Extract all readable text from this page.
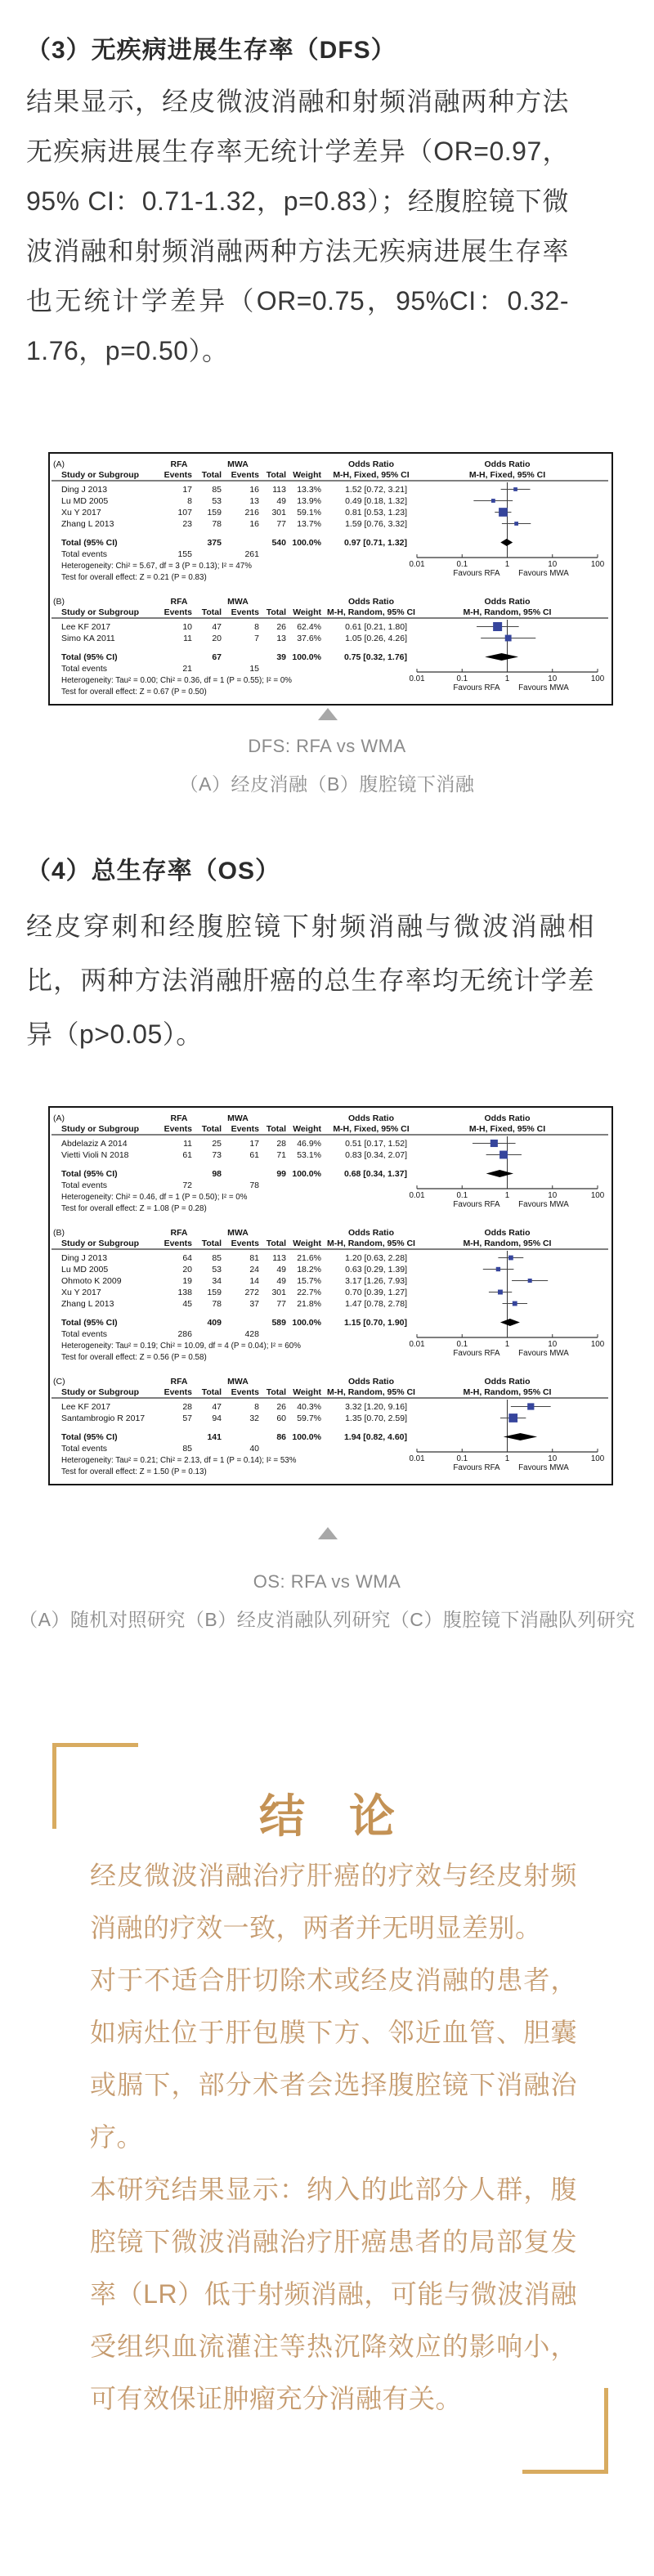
（3）无疾病进展生存率（DFS）

结果显示，经皮微波消融和射频消融两种方法无疾病进展生存率无统计学差异（OR=0.97，95% CI：0.71-1.32，p=0.83）；经腹腔镜下微波消融和射频消融两种方法无疾病进展生存率也无统计学差异（OR=0.75，95%CI：0.32-1.76，p=0.50）。

(A)	RFA	MWA	Odds Ratio	Odds Ratio
Study or Subgroup	Events Total Events Total Weight M-H, Fixed, 95% CI	M-H, Fixed, 95% CI
Ding J 2013	17 85	16 113 13.3%	1.52 [0.72, 3.21]
Lu MD 2005	8 53	13 49 13.9%	0.49 [0.18, 1.32]
Xu Y 2017	107 159	216 301 59.1%	0.81 [0.53, 1.23]
Zhang L 2013	23 78	16 77 13.7%	1.59 [0.76, 3.32]
Total (95% CI)	375	540 100.0%	0.97 [0.71, 1.32]
Total events	155	261
Heterogeneity: Chi² = 5.67, df = 3 (P = 0.13); I² = 47%
Test for overall effect: Z = 0.21 (P = 0.83)
0.01	0.1	1	10	100
Favours RFA Favours MWA
(B)	RFA	MWA	Odds Ratio	Odds Ratio
Study or Subgroup	Events Total Events Total Weight M-H, Random, 95% CI	M-H, Random, 95% CI
Lee KF 2017	10 47	8 26 62.4%	0.61 [0.21, 1.80]
Simo KA 2011	11 20	7 13 37.6%	1.05 [0.26, 4.26]
Total (95% CI)	67	39 100.0%	0.75 [0.32, 1.76]
Total events	21	15
Heterogeneity: Tau² = 0.00; Chi² = 0.36, df = 1 (P = 0.55); I² = 0%
Test for overall effect: Z = 0.67 (P = 0.50)
0.01	0.1	1	10	100
Favours RFA Favours MWA
DFS: RFA vs WMA
（A）经皮消融（B）腹腔镜下消融
（4）总生存率（OS）

经皮穿刺和经腹腔镜下射频消融与微波消融相比，两种方法消融肝癌的总生存率均无统计学差异（p>0.05）。

(A)	RFA	MWA	Odds Ratio	Odds Ratio
Study or Subgroup	Events Total Events Total Weight M-H, Fixed, 95% CI	M-H, Fixed, 95% CI
Abdelaziz A 2014	11 25	17 28 46.9%	0.51 [0.17, 1.52]
Vietti Violi N 2018	61 73	61 71 53.1%	0.83 [0.34, 2.07]
Total (95% CI)	98	99 100.0%	0.68 [0.34, 1.37]
Total events	72	78
Heterogeneity: Chi² = 0.46, df = 1 (P = 0.50); I² = 0%
Test for overall effect: Z = 1.08 (P = 0.28)
0.01	0.1	1	10	100
Favours RFA Favours MWA
(B)	RFA	MWA	Odds Ratio	Odds Ratio
Study or Subgroup	Events Total Events Total Weight M-H, Random, 95% CI	M-H, Random, 95% CI
Ding J 2013	64 85	81 113 21.6%	1.20 [0.63, 2.28]
Lu MD 2005	20 53	24 49 18.2%	0.63 [0.29, 1.39]
Ohmoto K 2009	19 34	14 49 15.7%	3.17 [1.26, 7.93]
Xu Y 2017	138 159	272 301 22.7%	0.70 [0.39, 1.27]
Zhang L 2013	45 78	37 77 21.8%	1.47 [0.78, 2.78]
Total (95% CI)	409	589 100.0%	1.15 [0.70, 1.90]
Total events	286	428
Heterogeneity: Tau² = 0.19; Chi² = 10.09, df = 4 (P = 0.04); I² = 60%
Test for overall effect: Z = 0.56 (P = 0.58)
0.01	0.1	1	10	100
Favours RFA Favours MWA
(C)	RFA	MWA	Odds Ratio	Odds Ratio
Study or Subgroup	Events Total Events Total Weight M-H, Random, 95% CI	M-H, Random, 95% CI
Lee KF 2017	28 47	8 26 40.3%	3.32 [1.20, 9.16]
Santambrogio R 2017	57 94	32 60 59.7%	1.35 [0.70, 2.59]
Total (95% CI)	141	86 100.0%	1.94 [0.82, 4.60]
Total events	85	40
Heterogeneity: Tau² = 0.21; Chi² = 2.13, df = 1 (P = 0.14); I² = 53%
Test for overall effect: Z = 1.50 (P = 0.13)
0.01	0.1	1	10	100
Favours RFA Favours MWA
OS: RFA vs WMA
（A）随机对照研究（B）经皮消融队列研究（C）腹腔镜下消融队列研究
结 论

经皮微波消融治疗肝癌的疗效与经皮射频消融的疗效一致，两者并无明显差别。

对于不适合肝切除术或经皮消融的患者，如病灶位于肝包膜下方、邻近血管、胆囊或膈下，部分术者会选择腹腔镜下消融治疗。

本研究结果显示：纳入的此部分人群，腹腔镜下微波消融治疗肝癌患者的局部复发率（LR）低于射频消融，可能与微波消融受组织血流灌注等热沉降效应的影响小，可有效保证肿瘤充分消融有关。
